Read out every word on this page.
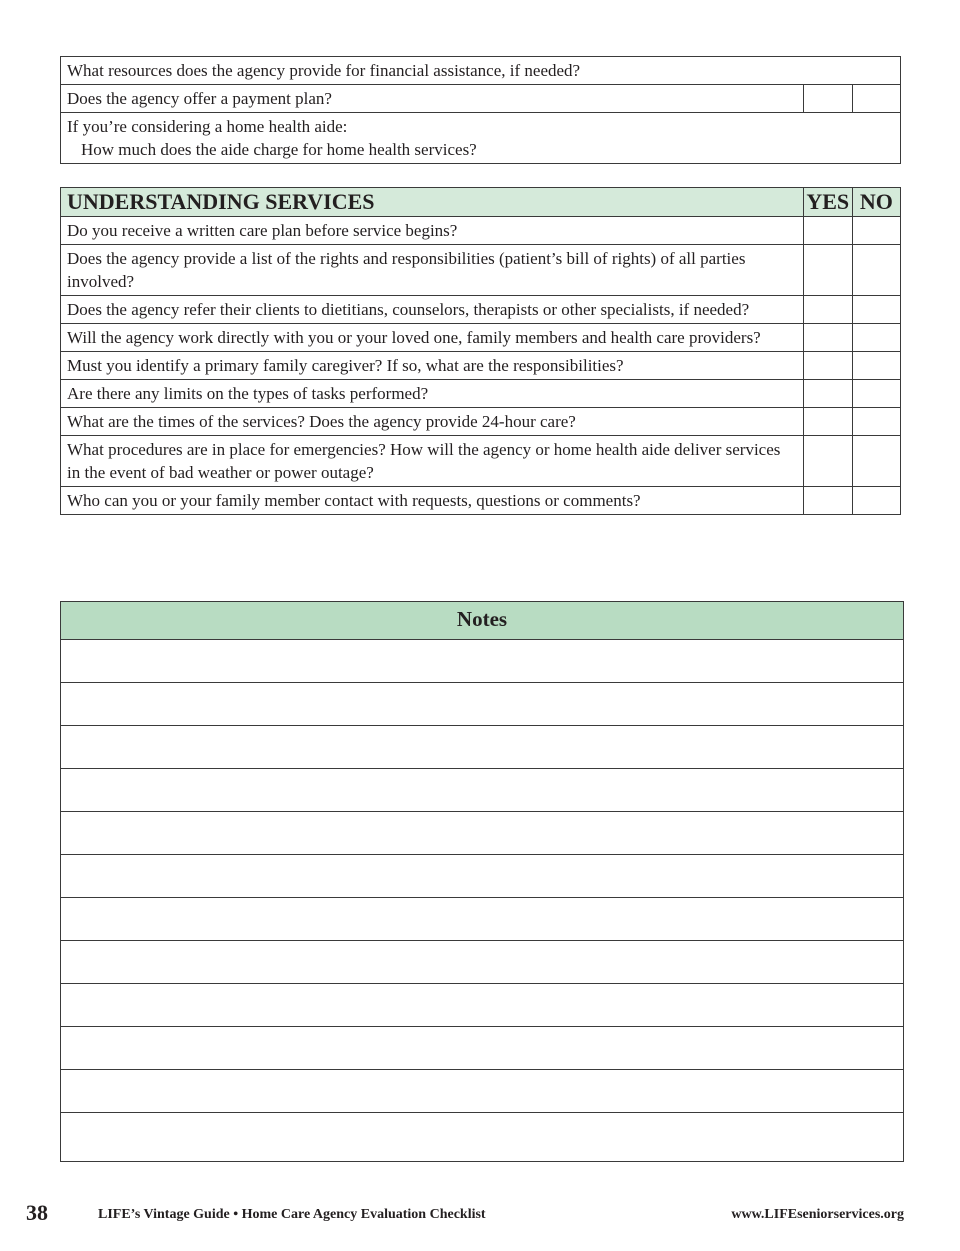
What resources does the agency provide for financial assistance, if needed?
Does the agency offer a payment plan?		
If you’re considering a home health aide:
How much does the aide charge for home health services?
UNDERSTANDING SERVICES	YES	NO
Do you receive a written care plan before service begins?		
Does the agency provide a list of the rights and responsibilities (patient’s bill of rights) of all parties involved?		
Does the agency refer their clients to dietitians, counselors, therapists or other specialists, if needed?		
Will the agency work directly with you or your loved one, family members and health care providers?		
Must you identify a primary family caregiver? If so, what are the responsibilities?		
Are there any limits on the types of tasks performed?		
What are the times of the services? Does the agency provide 24-hour care?		
What procedures are in place for emergencies? How will the agency or home health aide deliver services in the event of bad weather or power outage?		
Who can you or your family member contact with requests, questions or comments?		
Notes
38	LIFE’s Vintage Guide • Home Care Agency Evaluation Checklist	www.LIFEseniorservices.org
